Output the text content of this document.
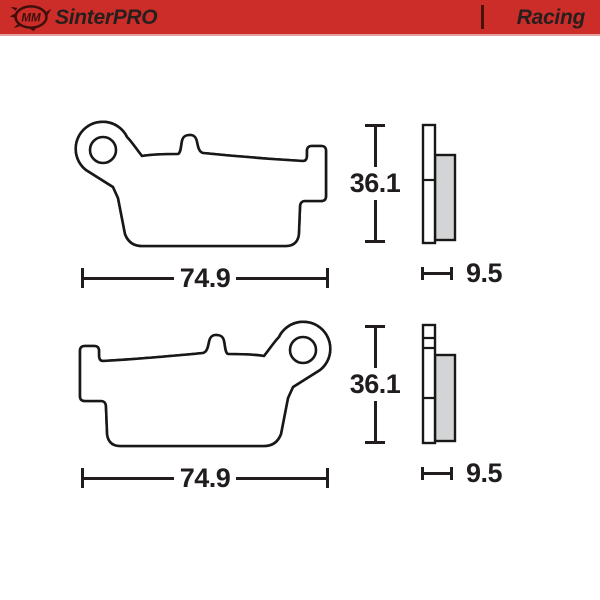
MM SinterPRO	Racing
36.1
74.9	9.5
36.1
74.9	9.5
